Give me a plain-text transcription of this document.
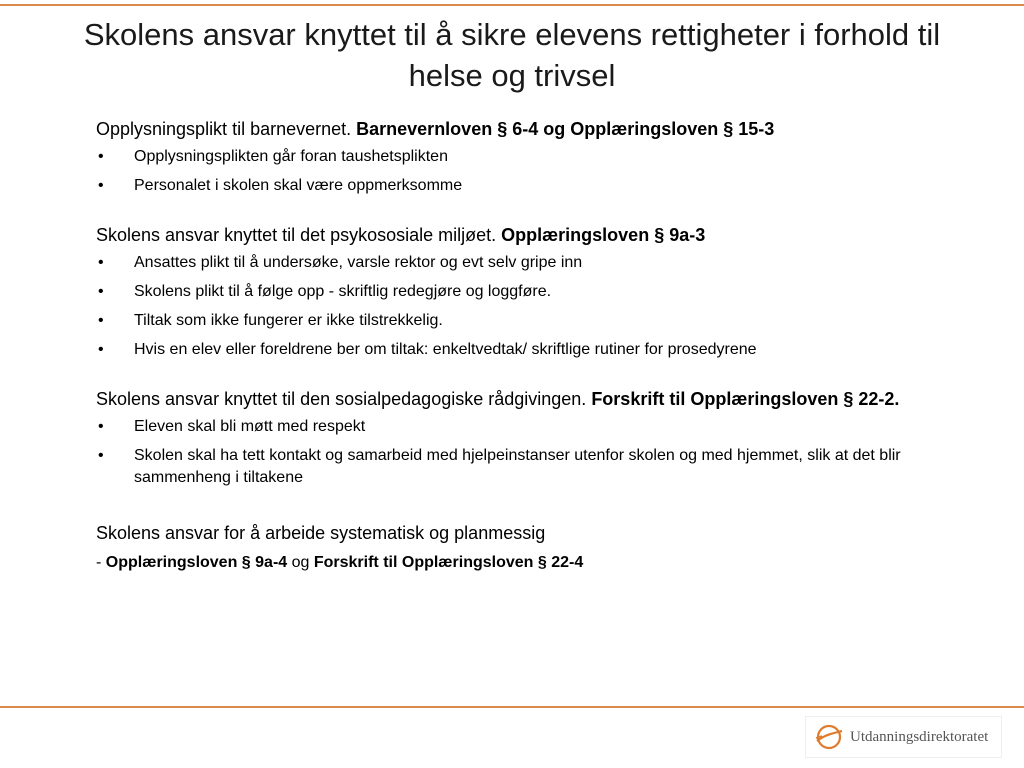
Skolens ansvar knyttet til å sikre elevens rettigheter i forhold til helse og trivsel
Opplysningsplikt til barnevernet. Barnevernloven § 6-4 og Opplæringsloven § 15-3
• Opplysningsplikten går foran taushetsplikten
• Personalet i skolen skal være oppmerksomme
Skolens ansvar knyttet til det psykososiale miljøet. Opplæringsloven § 9a-3
• Ansattes plikt til å undersøke, varsle rektor og evt selv gripe inn
• Skolens plikt til å følge opp - skriftlig redegjøre og loggføre.
• Tiltak som ikke fungerer er ikke tilstrekkelig.
• Hvis en elev eller foreldrene ber om tiltak: enkeltvedtak/ skriftlige rutiner for prosedyrene
Skolens ansvar knyttet til den sosialpedagogiske rådgivingen. Forskrift til Opplæringsloven § 22-2.
• Eleven skal bli møtt med respekt
• Skolen skal ha tett kontakt og samarbeid med hjelpeinstanser utenfor skolen og med hjemmet, slik at det blir sammenheng i tiltakene
Skolens ansvar for å arbeide systematisk og planmessig
- Opplæringsloven § 9a-4 og Forskrift til Opplæringsloven § 22-4
Utdanningsdirektoratet
